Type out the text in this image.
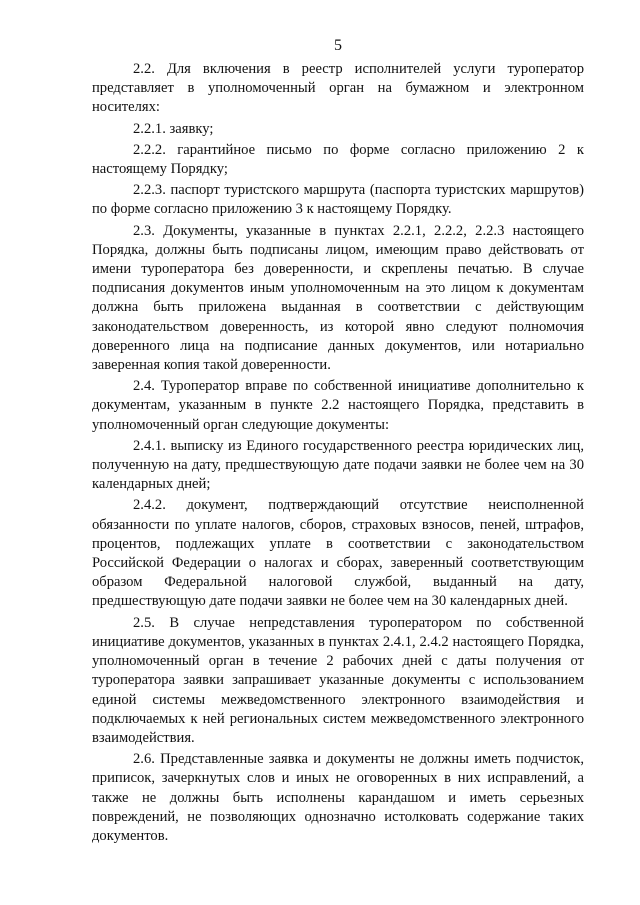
5

2.2. Для включения в реестр исполнителей услуги туроператор представляет в уполномоченный орган на бумажном и электронном носителях:

2.2.1. заявку;

2.2.2. гарантийное письмо по форме согласно приложению 2 к настоящему Порядку;

2.2.3. паспорт туристского маршрута (паспорта туристских маршрутов) по форме согласно приложению 3 к настоящему Порядку.

2.3. Документы, указанные в пунктах 2.2.1, 2.2.2, 2.2.3 настоящего Порядка, должны быть подписаны лицом, имеющим право действовать от имени туроператора без доверенности, и скреплены печатью. В случае подписания документов иным уполномоченным на это лицом к документам должна быть приложена выданная в соответствии с действующим законодательством доверенность, из которой явно следуют полномочия доверенного лица на подписание данных документов, или нотариально заверенная копия такой доверенности.

2.4. Туроператор вправе по собственной инициативе дополнительно к документам, указанным в пункте 2.2 настоящего Порядка, представить в уполномоченный орган следующие документы:

2.4.1. выписку из Единого государственного реестра юридических лиц, полученную на дату, предшествующую дате подачи заявки не более чем на 30 календарных дней;

2.4.2. документ, подтверждающий отсутствие неисполненной обязанности по уплате налогов, сборов, страховых взносов, пеней, штрафов, процентов, подлежащих уплате в соответствии с законодательством Российской Федерации о налогах и сборах, заверенный соответствующим образом Федеральной налоговой службой, выданный на дату, предшествующую дате подачи заявки не более чем на 30 календарных дней.

2.5. В случае непредставления туроператором по собственной инициативе документов, указанных в пунктах 2.4.1, 2.4.2 настоящего Порядка, уполномоченный орган в течение 2 рабочих дней с даты получения от туроператора заявки запрашивает указанные документы с использованием единой системы межведомственного электронного взаимодействия и подключаемых к ней региональных систем межведомственного электронного взаимодействия.

2.6. Представленные заявка и документы не должны иметь подчисток, приписок, зачеркнутых слов и иных не оговоренных в них исправлений, а также не должны быть исполнены карандашом и иметь серьезных повреждений, не позволяющих однозначно истолковать содержание таких документов.
